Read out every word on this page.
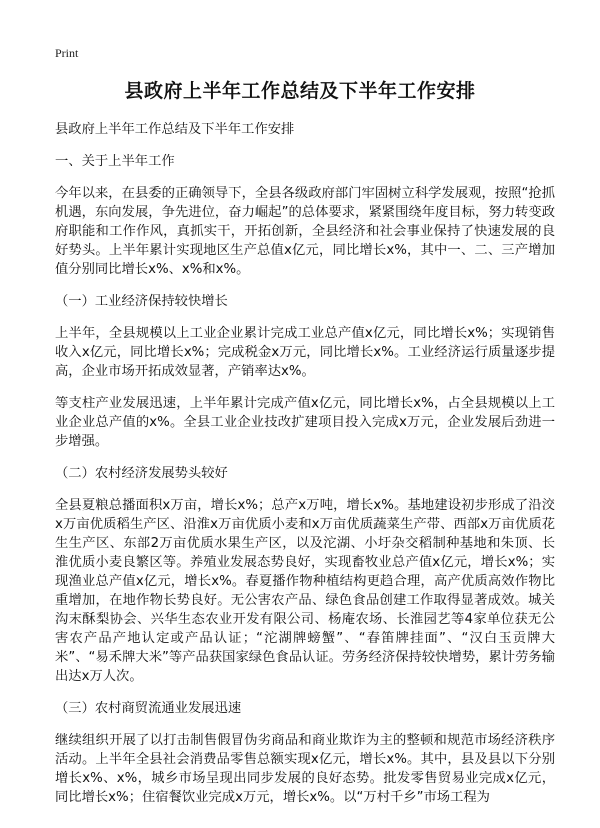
Print
县政府上半年工作总结及下半年工作安排

县政府上半年工作总结及下半年工作安排

一、关于上半年工作

今年以来，在县委的正确领导下，全县各级政府部门牢固树立科学发展观，按照“抢抓机遇，东向发展，争先进位，奋力崛起”的总体要求，紧紧围绕年度目标，努力转变政府职能和工作作风，真抓实干，开拓创新，全县经济和社会事业保持了快速发展的良好势头。上半年累计实现地区生产总值x亿元，同比增长x%，其中一、二、三产增加值分别同比增长x%、x%和x%。

（一）工业经济保持较快增长

上半年，全县规模以上工业企业累计完成工业总产值x亿元，同比增长x%；实现销售收入x亿元，同比增长x%；完成税金x万元，同比增长x%。工业经济运行质量逐步提高，企业市场开拓成效显著，产销率达x%。

等支柱产业发展迅速，上半年累计完成产值x亿元，同比增长x%，占全县规模以上工业企业总产值的x%。全县工业企业技改扩建项目投入完成x万元，企业发展后劲进一步增强。

（二）农村经济发展势头较好

全县夏粮总播面积x万亩，增长x%；总产x万吨，增长x%。基地建设初步形成了沿洨x万亩优质稻生产区、沿淮x万亩优质小麦和x万亩优质蔬菜生产带、西部x万亩优质花生生产区、东部2万亩优质水果生产区，以及沱湖、小圩杂交稻制种基地和朱顶、长淮优质小麦良繁区等。养殖业发展态势良好，实现畜牧业总产值x亿元，增长x%；实现渔业总产值x亿元，增长x%。春夏播作物种植结构更趋合理，高产优质高效作物比重增加，在地作物长势良好。无公害农产品、绿色食品创建工作取得显著成效。城关沟末酥梨协会、兴华生态农业开发有限公司、杨庵农场、长淮园艺等4家单位获无公害农产品产地认定或产品认证；“沱湖牌螃蟹”、“春笛牌挂面”、“汉白玉贡牌大米”、“易禾牌大米”等产品获国家绿色食品认证。劳务经济保持较快增势，累计劳务输出达x万人次。

（三）农村商贸流通业发展迅速

继续组织开展了以打击制售假冒伪劣商品和商业欺诈为主的整顿和规范市场经济秩序活动。上半年全县社会消费品零售总额实现x亿元，增长x%。其中，县及县以下分别增长x%、x%，城乡市场呈现出同步发展的良好态势。批发零售贸易业完成x亿元，同比增长x%；住宿餐饮业完成x万元，增长x%。以“万村千乡”市场工程为
